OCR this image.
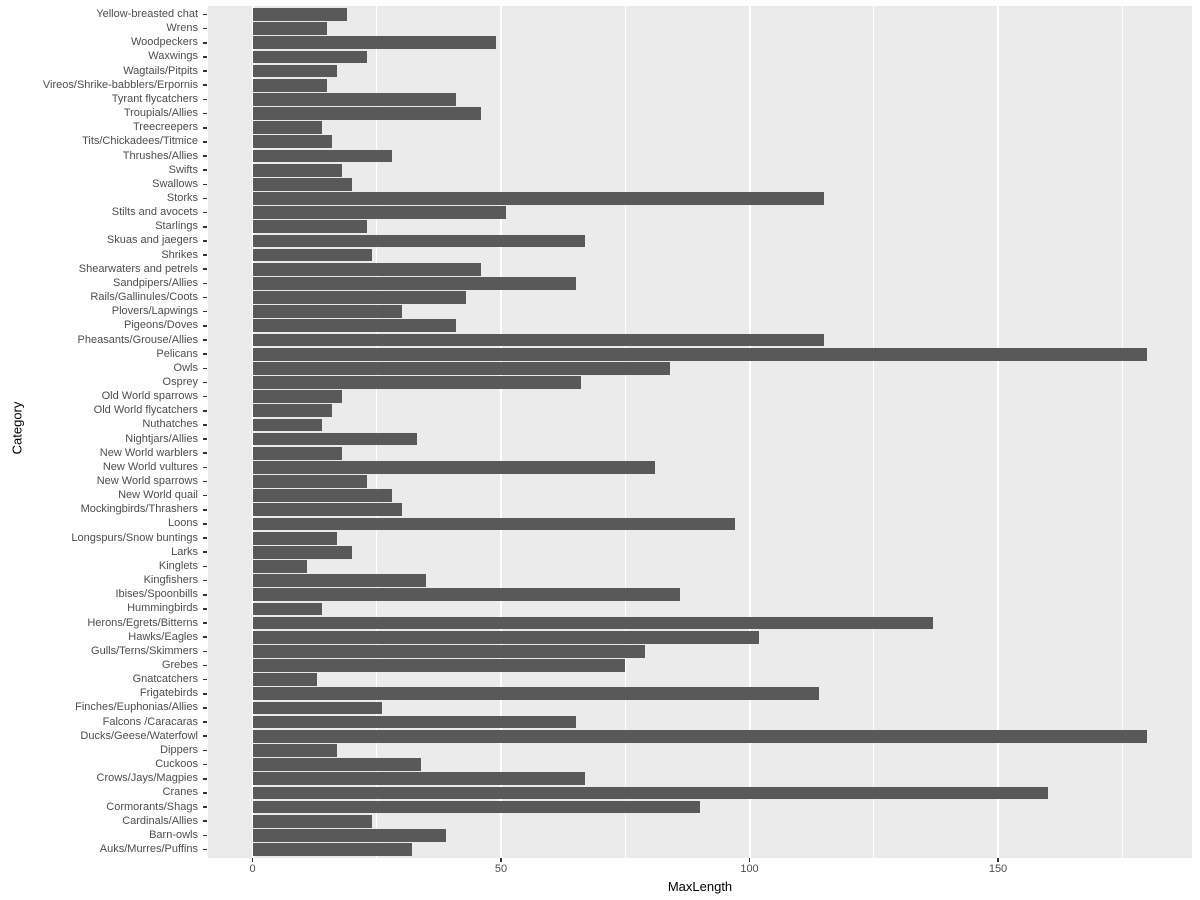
Category
Yellow-breasted chat
Wrens
Woodpeckers
Waxwings
Wagtails/Pitpits
Vireos/Shrike-babblers/Erpornis
Tyrant flycatchers
Troupials/Allies
Treecreepers
Tits/Chickadees/Titmice
Thrushes/Allies
Swifts
Swallows
Storks
Stilts and avocets
Starlings
Skuas and jaegers
Shrikes
Shearwaters and petrels
Sandpipers/Allies
Rails/Gallinules/Coots
Plovers/Lapwings
Pigeons/Doves
Pheasants/Grouse/Allies
Pelicans
Owls
Osprey
Old World sparrows
Old World flycatchers
Nuthatches
Nightjars/Allies
New World warblers
New World vultures
New World sparrows
New World quail
Mockingbirds/Thrashers
Loons
Longspurs/Snow buntings
Larks
Kinglets
Kingfishers
Ibises/Spoonbills
Hummingbirds
Herons/Egrets/Bitterns
Hawks/Eagles
Gulls/Terns/Skimmers
Grebes
Gnatcatchers
Frigatebirds
Finches/Euphonias/Allies
Falcons /Caracaras
Ducks/Geese/Waterfowl
Dippers
Cuckoos
Crows/Jays/Magpies
Cranes
Cormorants/Shags
Cardinals/Allies
Barn-owls
Auks/Murres/Puffins
0	50	100	150
MaxLength
